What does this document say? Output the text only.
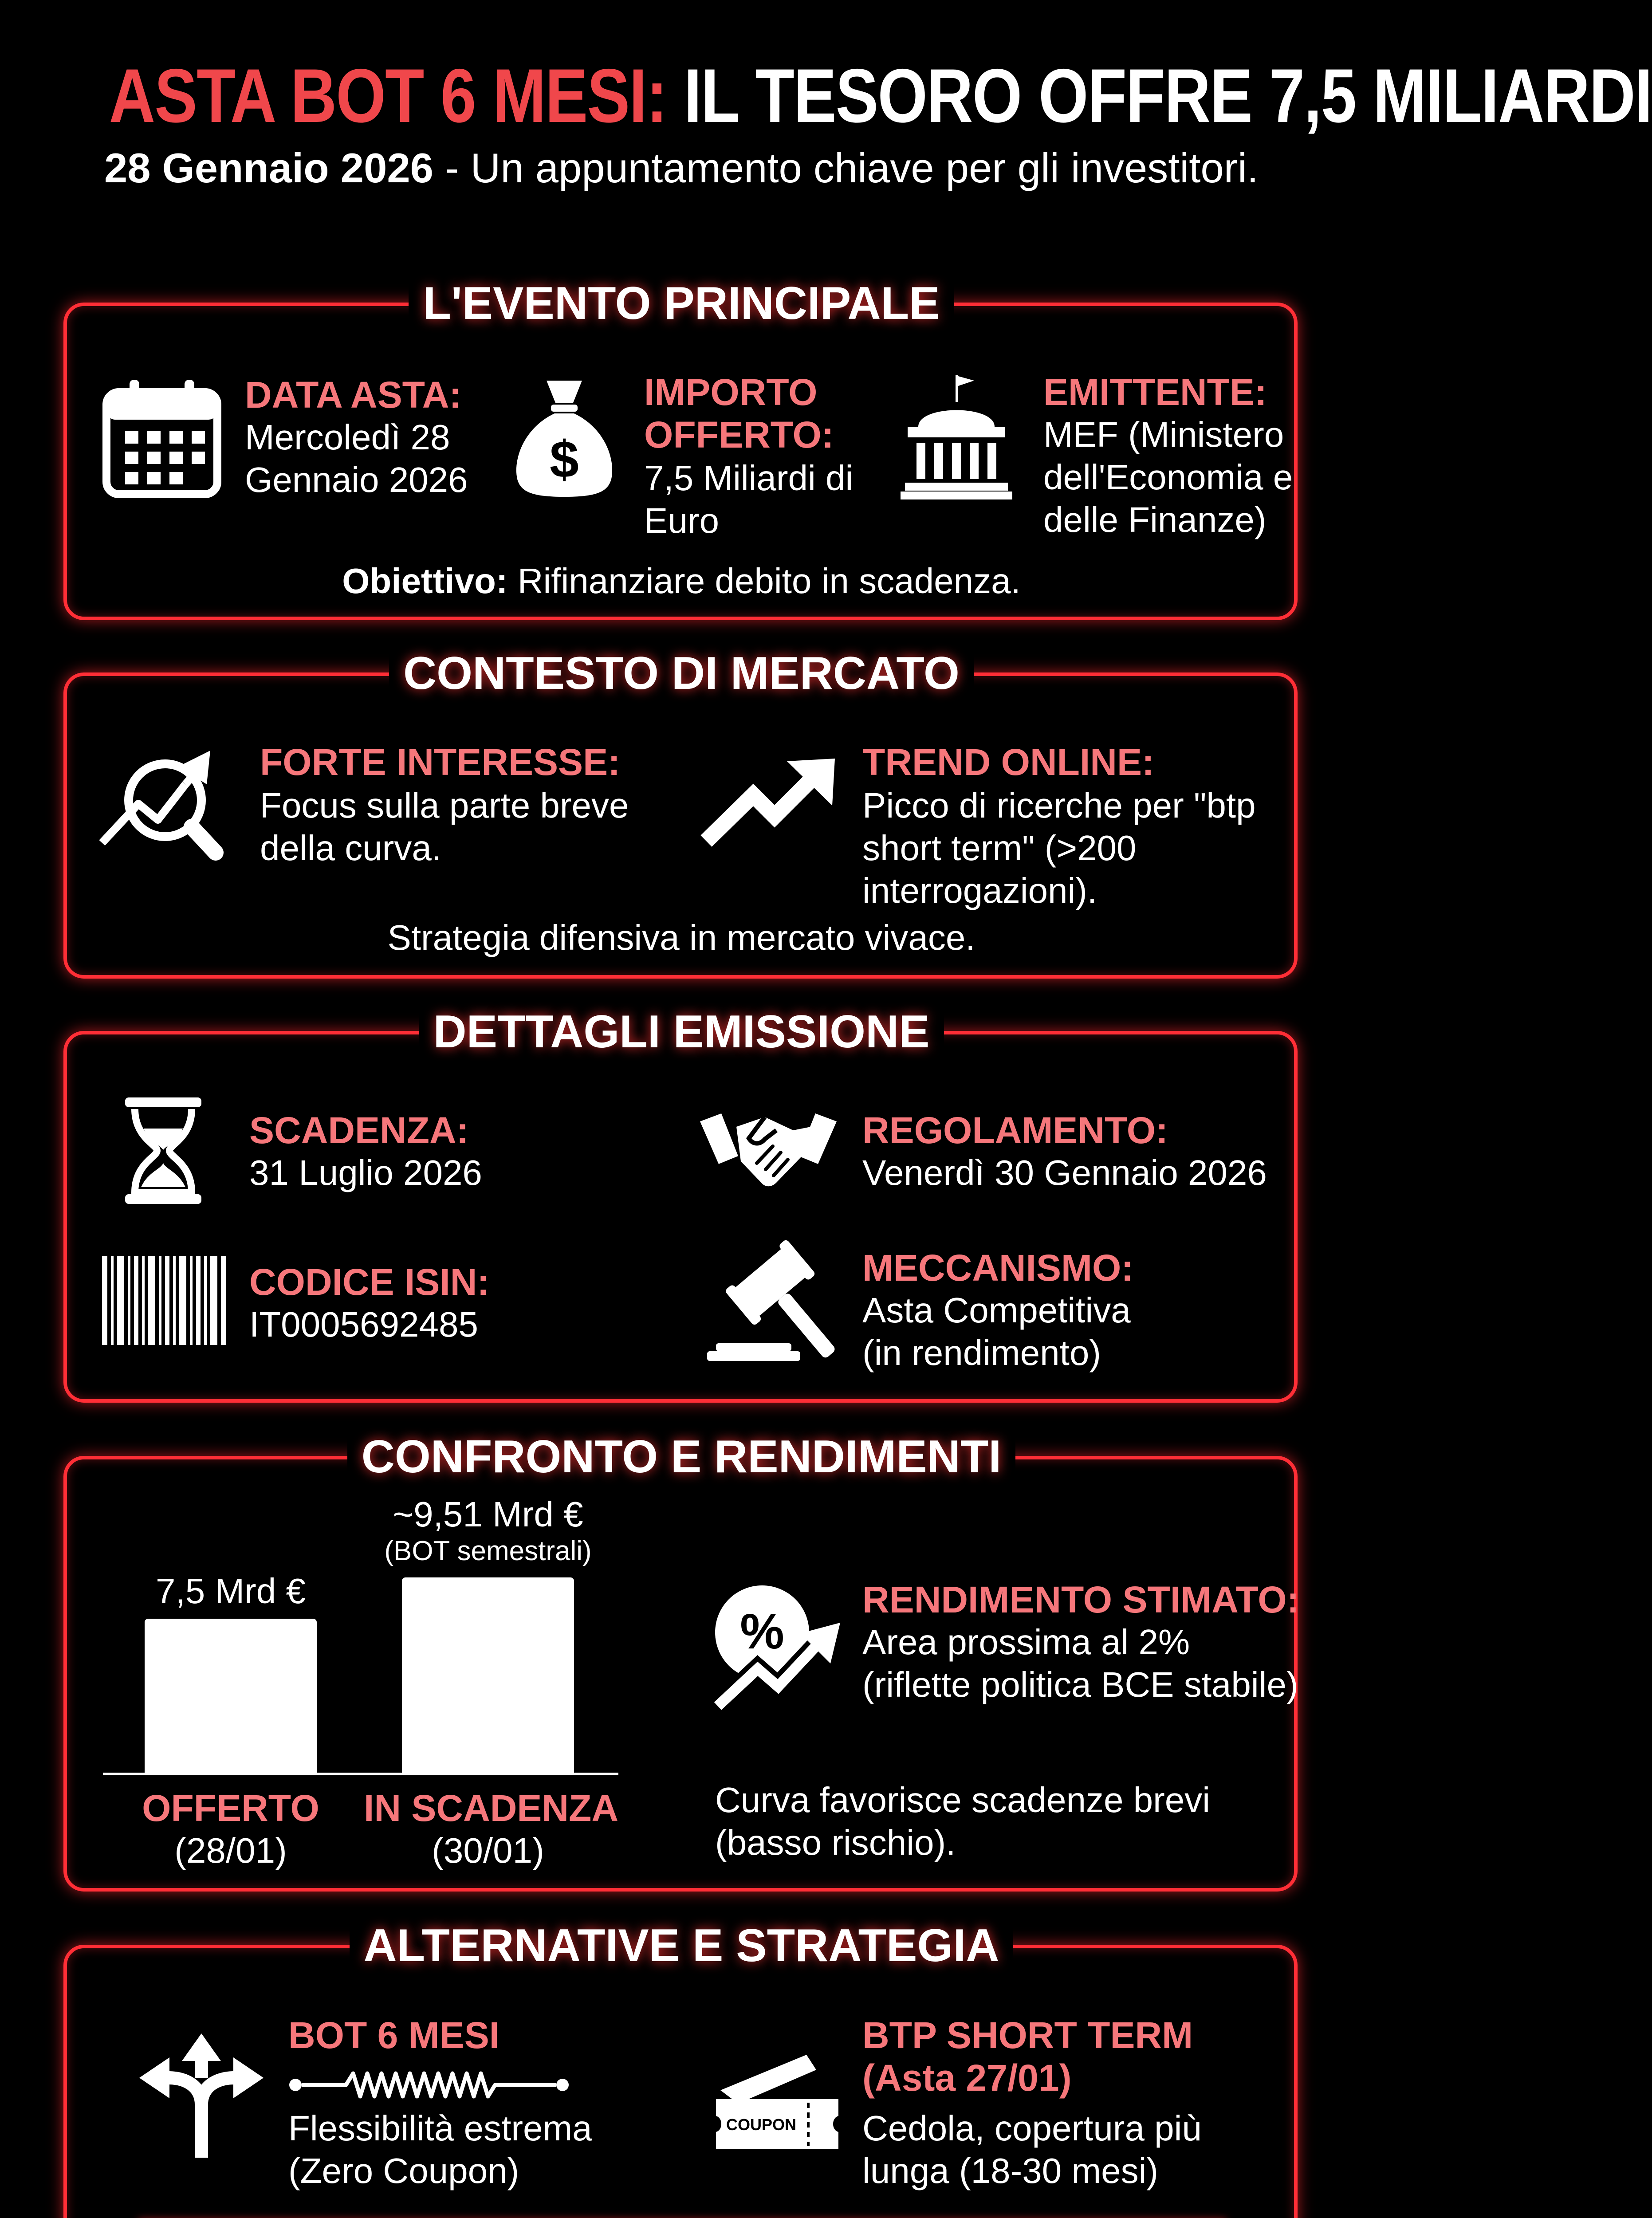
ASTA BOT 6 MESI: IL TESORO OFFRE 7,5 MILIARDI
28 Gennaio 2026 - Un appuntamento chiave per gli investitori.
L'EVENTO PRINCIPALE
DATA ASTA:
Mercoledì 28
Gennaio 2026 $
IMPORTO
OFFERTO:
7,5 Miliardi di
Euro
EMITTENTE:
MEF (Ministero
dell'Economia e
delle Finanze)
Obiettivo: Rifinanziare debito in scadenza.
CONTESTO DI MERCATO
FORTE INTERESSE:
Focus sulla parte breve
della curva.
TREND ONLINE:
Picco di ricerche per "btp
short term" (>200
interrogazioni).
Strategia difensiva in mercato vivace.
DETTAGLI EMISSIONE
SCADENZA:
31 Luglio 2026
REGOLAMENTO:
Venerdì 30 Gennaio 2026
CODICE ISIN:
IT0005692485
MECCANISMO:
Asta Competitiva
(in rendimento)
CONFRONTO E RENDIMENTI
7,5 Mrd €
~9,51 Mrd €
(BOT semestrali)
OFFERTO
(28/01)
IN SCADENZA
(30/01)
%
RENDIMENTO STIMATO:
Area prossima al 2%
(riflette politica BCE stabile)
Curva favorisce scadenze brevi
(basso rischio).
ALTERNATIVE E STRATEGIA
BOT 6 MESI
Flessibilità estrema
(Zero Coupon)
COUPON
BTP SHORT TERM
(Asta 27/01)
Cedola, copertura più
lunga (18-30 mesi)
